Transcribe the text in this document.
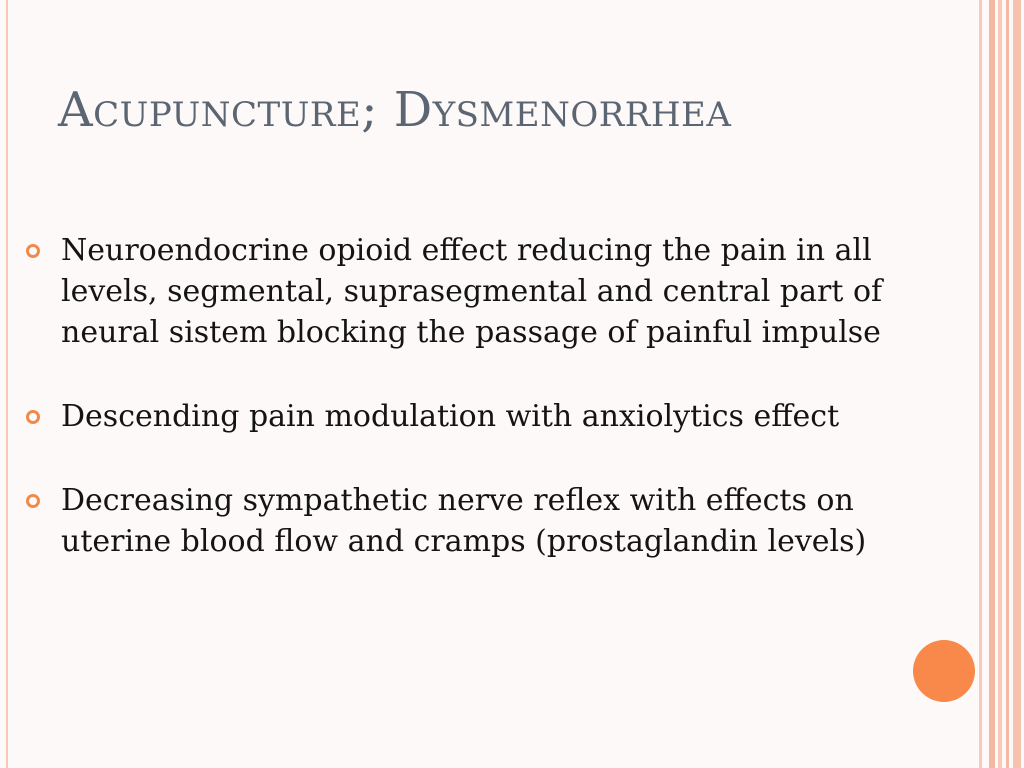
Acupuncture; Dysmenorrhea
Neuroendocrine opioid effect reducing the pain in all levels, segmental, suprasegmental and central part of neural sistem blocking the passage of painful impulse
Descending pain modulation with anxiolytics effect
Decreasing sympathetic nerve reflex with effects on uterine blood flow and cramps (prostaglandin levels)
